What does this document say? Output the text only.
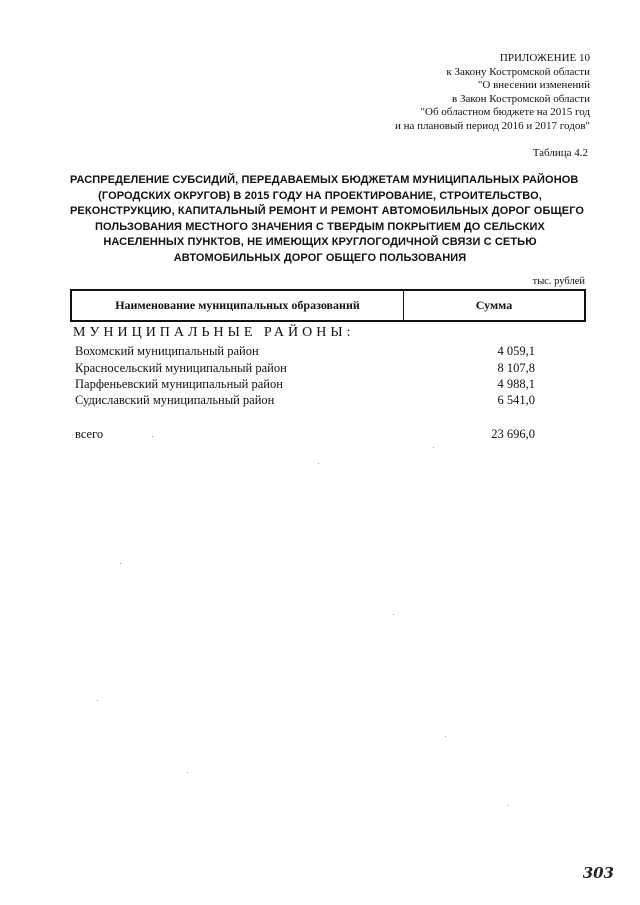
ПРИЛОЖЕНИЕ 10
к Закону Костромской области
"О внесении изменений
в Закон Костромской области
"Об областном бюджете на 2015 год
и на плановый период 2016 и 2017 годов"
Таблица 4.2
РАСПРЕДЕЛЕНИЕ СУБСИДИЙ, ПЕРЕДАВАЕМЫХ БЮДЖЕТАМ МУНИЦИПАЛЬНЫХ РАЙОНОВ
(ГОРОДСКИХ ОКРУГОВ) В 2015 ГОДУ НА ПРОЕКТИРОВАНИЕ, СТРОИТЕЛЬСТВО,
РЕКОНСТРУКЦИЮ, КАПИТАЛЬНЫЙ РЕМОНТ И РЕМОНТ АВТОМОБИЛЬНЫХ ДОРОГ ОБЩЕГО
ПОЛЬЗОВАНИЯ МЕСТНОГО ЗНАЧЕНИЯ С ТВЕРДЫМ ПОКРЫТИЕМ ДО СЕЛЬСКИХ
НАСЕЛЕННЫХ ПУНКТОВ, НЕ ИМЕЮЩИХ КРУГЛОГОДИЧНОЙ СВЯЗИ С СЕТЬЮ
АВТОМОБИЛЬНЫХ ДОРОГ ОБЩЕГО ПОЛЬЗОВАНИЯ
тыс. рублей
Наименование муниципальных образований	Сумма
МУНИЦИПАЛЬНЫЕ РАЙОНЫ:
Вохомский муниципальный район	4 059,1
Красносельский муниципальный район	8 107,8
Парфеньевский муниципальный район	4 988,1
Судиславский муниципальный район	6 541,0
всего	23 696,0
303
